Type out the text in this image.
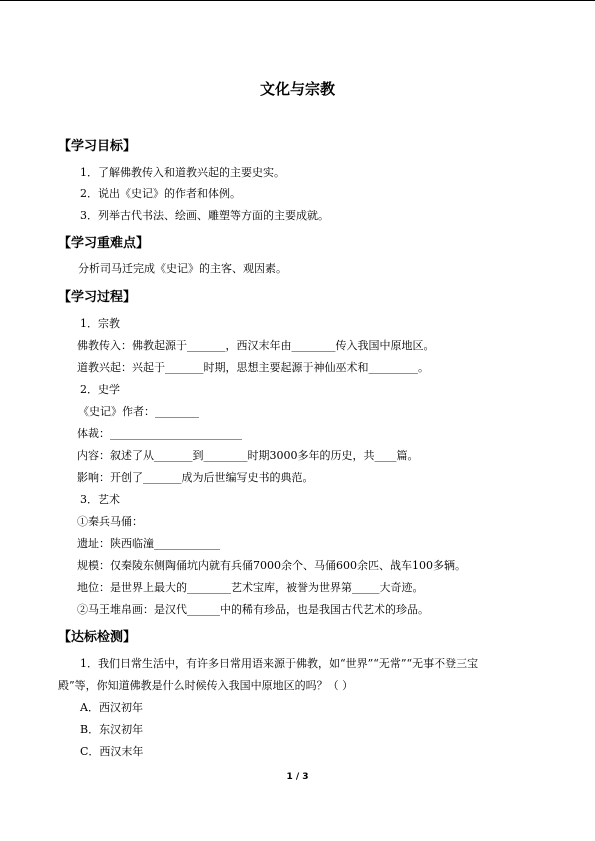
文化与宗教
【学习目标】
1．了解佛教传入和道教兴起的主要史实。
2．说出《史记》的作者和体例。
3．列举古代书法、绘画、雕塑等方面的主要成就。
【学习重难点】
分析司马迁完成《史记》的主客、观因素。
【学习过程】
1．宗教
佛教传入：佛教起源于_______，西汉末年由________传入我国中原地区。
道教兴起：兴起于_______时期，思想主要起源于神仙巫术和_________。
2．史学
《史记》作者：________
体裁：________________________
内容：叙述了从_______到________时期3000多年的历史，共____篇。
影响：开创了_______成为后世编写史书的典范。
3．艺术
①秦兵马俑：
遗址：陕西临潼____________
规模：仅秦陵东侧陶俑坑内就有兵俑7000余个、马俑600余匹、战车100多辆。
地位：是世界上最大的________艺术宝库，被誉为世界第_____大奇迹。
②马王堆帛画：是汉代______中的稀有珍品，也是我国古代艺术的珍品。
【达标检测】
1．我们日常生活中，有许多日常用语来源于佛教，如“世界”“无常”“无事不登三宝
殿”等，你知道佛教是什么时候传入我国中原地区的吗？（ ）
A．西汉初年
B．东汉初年
C．西汉末年
1 / 3
